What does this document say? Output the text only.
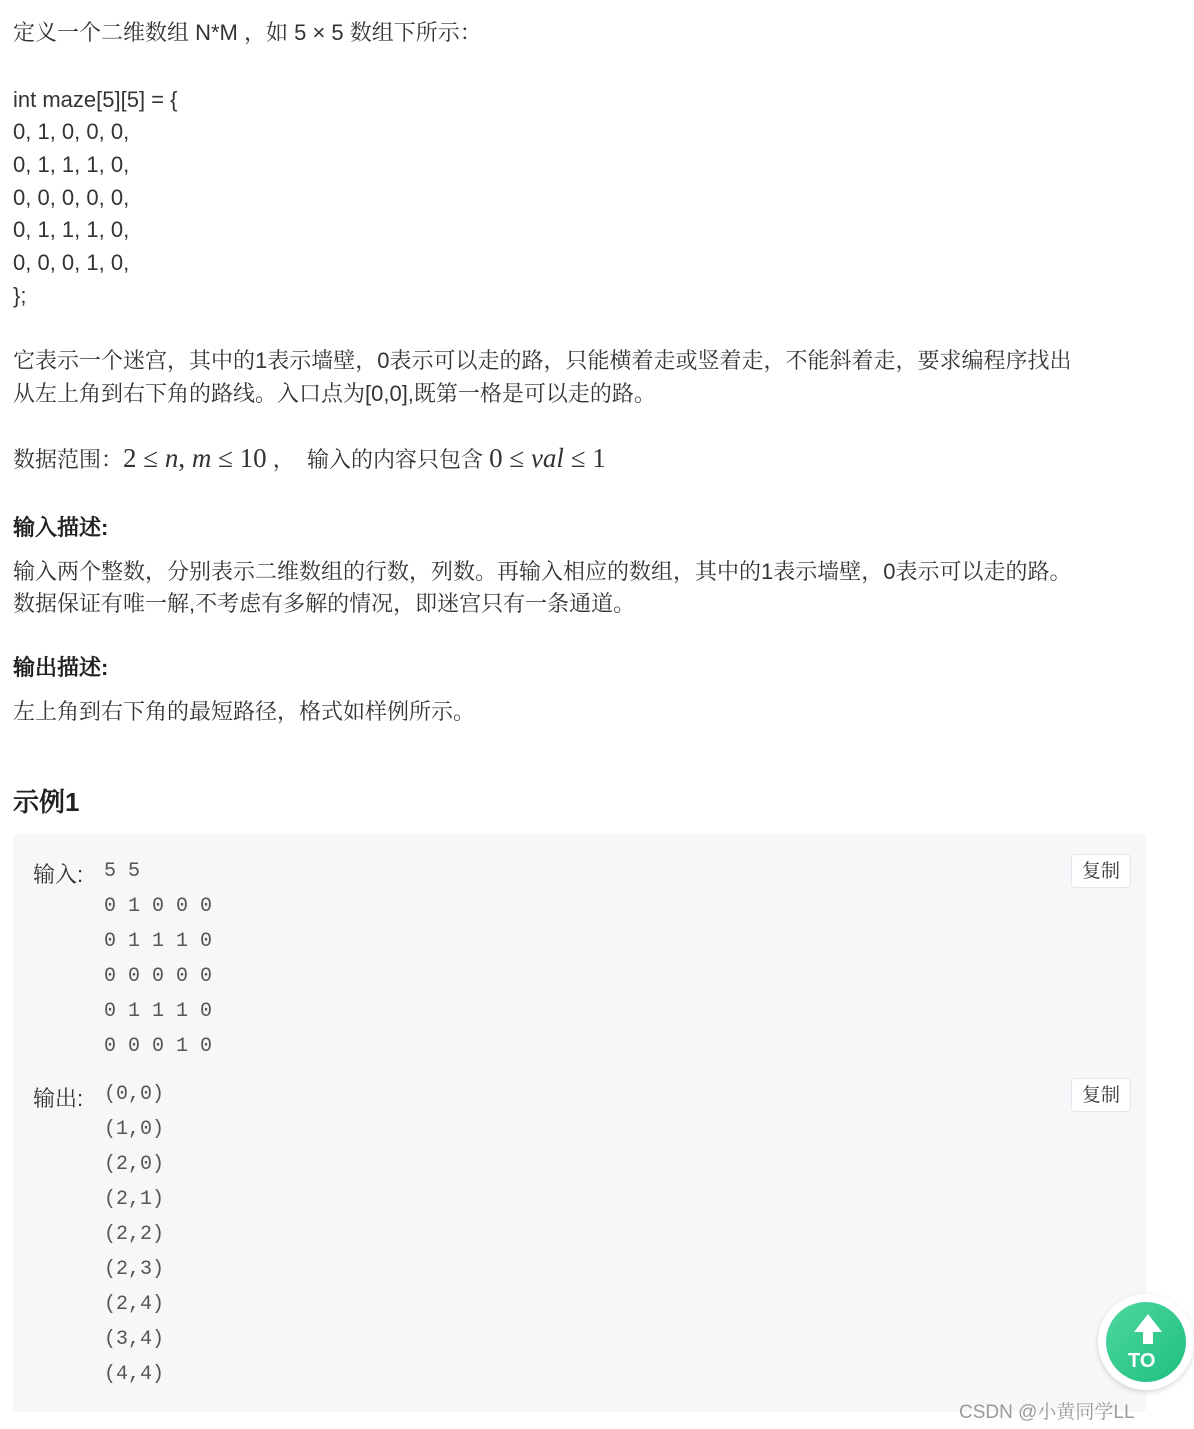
定义一个二维数组 N*M ，如 5 × 5 数组下所示：

int maze[5][5] = {

0, 1, 0, 0, 0,

0, 1, 1, 1, 0,

0, 0, 0, 0, 0,

0, 1, 1, 1, 0,

0, 0, 0, 1, 0,

};

它表示一个迷宫，其中的1表示墙壁，0表示可以走的路，只能横着走或竖着走，不能斜着走，要求编程序找出

从左上角到右下角的路线。入口点为[0,0],既第一格是可以走的路。

数据范围：2 ≤ n, m ≤ 10 ，  输入的内容只包含 0 ≤ val ≤ 1

输入描述:

输入两个整数，分别表示二维数组的行数，列数。再输入相应的数组，其中的1表示墙壁，0表示可以走的路。

数据保证有唯一解,不考虑有多解的情况，即迷宫只有一条通道。

输出描述:

左上角到右下角的最短路径，格式如样例所示。

示例1

输入: 5 5
0 1 0 0 0
0 1 1 1 0
0 0 0 0 0
0 1 1 1 0
0 0 0 1 0
复制
输出: (0,0)
(1,0)
(2,0)
(2,1)
(2,2)
(2,3)
(2,4)
(3,4)
(4,4)
复制
TO
CSDN @小黄同学LL
